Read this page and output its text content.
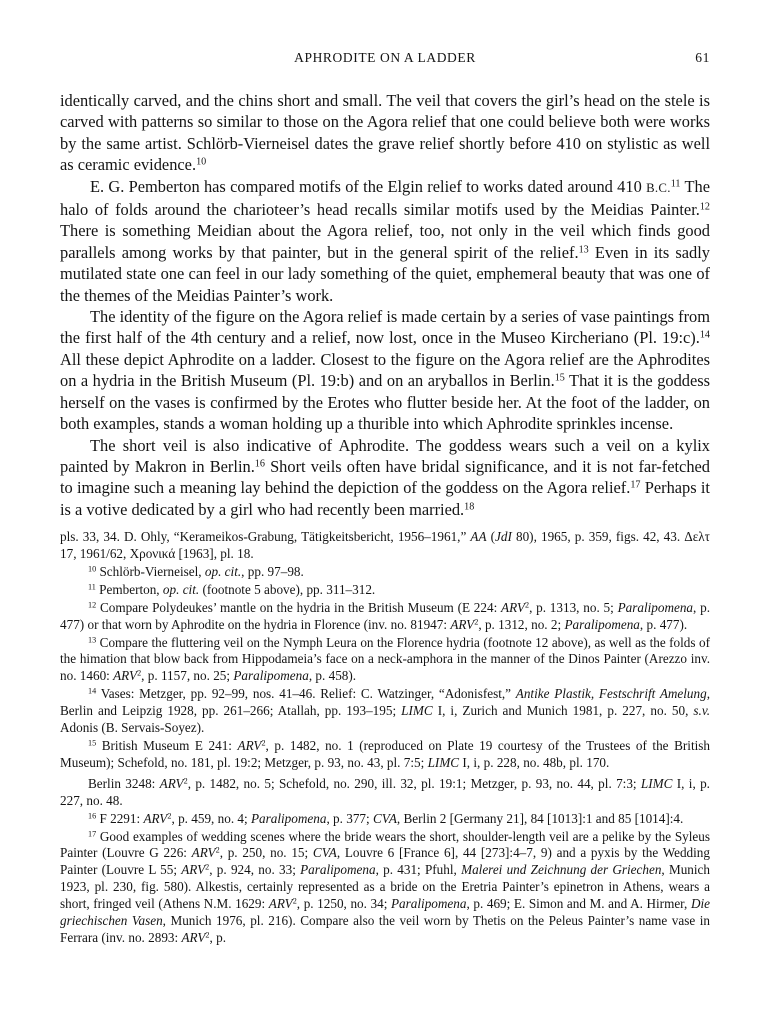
APHRODITE ON A LADDER	61

identically carved, and the chins short and small. The veil that covers the girl’s head on the stele is carved with patterns so similar to those on the Agora relief that one could believe both were works by the same artist. Schlörb-Vierneisel dates the grave relief shortly before 410 on stylistic as well as ceramic evidence.$^{10}$

E. G. Pemberton has compared motifs of the Elgin relief to works dated around 410 B.C.$^{11}$ The halo of folds around the charioteer’s head recalls similar motifs used by the Meidias Painter.$^{12}$ There is something Meidian about the Agora relief, too, not only in the veil which finds good parallels among works by that painter, but in the general spirit of the relief.$^{13}$ Even in its sadly mutilated state one can feel in our lady something of the quiet, emphemeral beauty that was one of the themes of the Meidias Painter’s work.

The identity of the figure on the Agora relief is made certain by a series of vase paintings from the first half of the 4th century and a relief, now lost, once in the Museo Kircheriano (Pl. 19:c).$^{14}$ All these depict Aphrodite on a ladder. Closest to the figure on the Agora relief are the Aphrodites on a hydria in the British Museum (Pl. 19:b) and on an aryballos in Berlin.$^{15}$ That it is the goddess herself on the vases is confirmed by the Erotes who flutter beside her. At the foot of the ladder, on both examples, stands a woman holding up a thurible into which Aphrodite sprinkles incense.

The short veil is also indicative of Aphrodite. The goddess wears such a veil on a kylix painted by Makron in Berlin.$^{16}$ Short veils often have bridal significance, and it is not far-fetched to imagine such a meaning lay behind the depiction of the goddess on the Agora relief.$^{17}$ Perhaps it is a votive dedicated by a girl who had recently been married.$^{18}$

pls. 33, 34. D. Ohly, “Kerameikos-Grabung, Tätigkeitsbericht, 1956–1961,” AA (JdI 80), 1965, p. 359, figs. 42, 43. Δελτ 17, 1961/62, Χρονικά [1963], pl. 18.

$^{10}$ Schlörb-Vierneisel, op. cit., pp. 97–98.

$^{11}$ Pemberton, op. cit. (footnote 5 above), pp. 311–312.

$^{12}$ Compare Polydeukes’ mantle on the hydria in the British Museum (E 224: ARV$^2$, p. 1313, no. 5; Paralipomena, p. 477) or that worn by Aphrodite on the hydria in Florence (inv. no. 81947: ARV$^2$, p. 1312, no. 2; Paralipomena, p. 477).

$^{13}$ Compare the fluttering veil on the Nymph Leura on the Florence hydria (footnote 12 above), as well as the folds of the himation that blow back from Hippodameia’s face on a neck-amphora in the manner of the Dinos Painter (Arezzo inv. no. 1460: ARV$^2$, p. 1157, no. 25; Paralipomena, p. 458).

$^{14}$ Vases: Metzger, pp. 92–99, nos. 41–46. Relief: C. Watzinger, “Adonisfest,” Antike Plastik, Festschrift Amelung, Berlin and Leipzig 1928, pp. 261–266; Atallah, pp. 193–195; LIMC I, i, Zurich and Munich 1981, p. 227, no. 50, s.v. Adonis (B. Servais-Soyez).

$^{15}$ British Museum E 241: ARV$^2$, p. 1482, no. 1 (reproduced on Plate 19 courtesy of the Trustees of the British Museum); Schefold, no. 181, pl. 19:2; Metzger, p. 93, no. 43, pl. 7:5; LIMC I, i, p. 228, no. 48b, pl. 170.

Berlin 3248: ARV$^2$, p. 1482, no. 5; Schefold, no. 290, ill. 32, pl. 19:1; Metzger, p. 93, no. 44, pl. 7:3; LIMC I, i, p. 227, no. 48.

$^{16}$ F 2291: ARV$^2$, p. 459, no. 4; Paralipomena, p. 377; CVA, Berlin 2 [Germany 21], 84 [1013]:1 and 85 [1014]:4.

$^{17}$ Good examples of wedding scenes where the bride wears the short, shoulder-length veil are a pelike by the Syleus Painter (Louvre G 226: ARV$^2$, p. 250, no. 15; CVA, Louvre 6 [France 6], 44 [273]:4–7, 9) and a pyxis by the Wedding Painter (Louvre L 55; ARV$^2$, p. 924, no. 33; Paralipomena, p. 431; Pfuhl, Malerei und Zeichnung der Griechen, Munich 1923, pl. 230, fig. 580). Alkestis, certainly represented as a bride on the Eretria Painter’s epinetron in Athens, wears a short, fringed veil (Athens N.M. 1629: ARV$^2$, p. 1250, no. 34; Paralipomena, p. 469; E. Simon and M. and A. Hirmer, Die griechischen Vasen, Munich 1976, pl. 216). Compare also the veil worn by Thetis on the Peleus Painter’s name vase in Ferrara (inv. no. 2893: ARV$^2$, p.
